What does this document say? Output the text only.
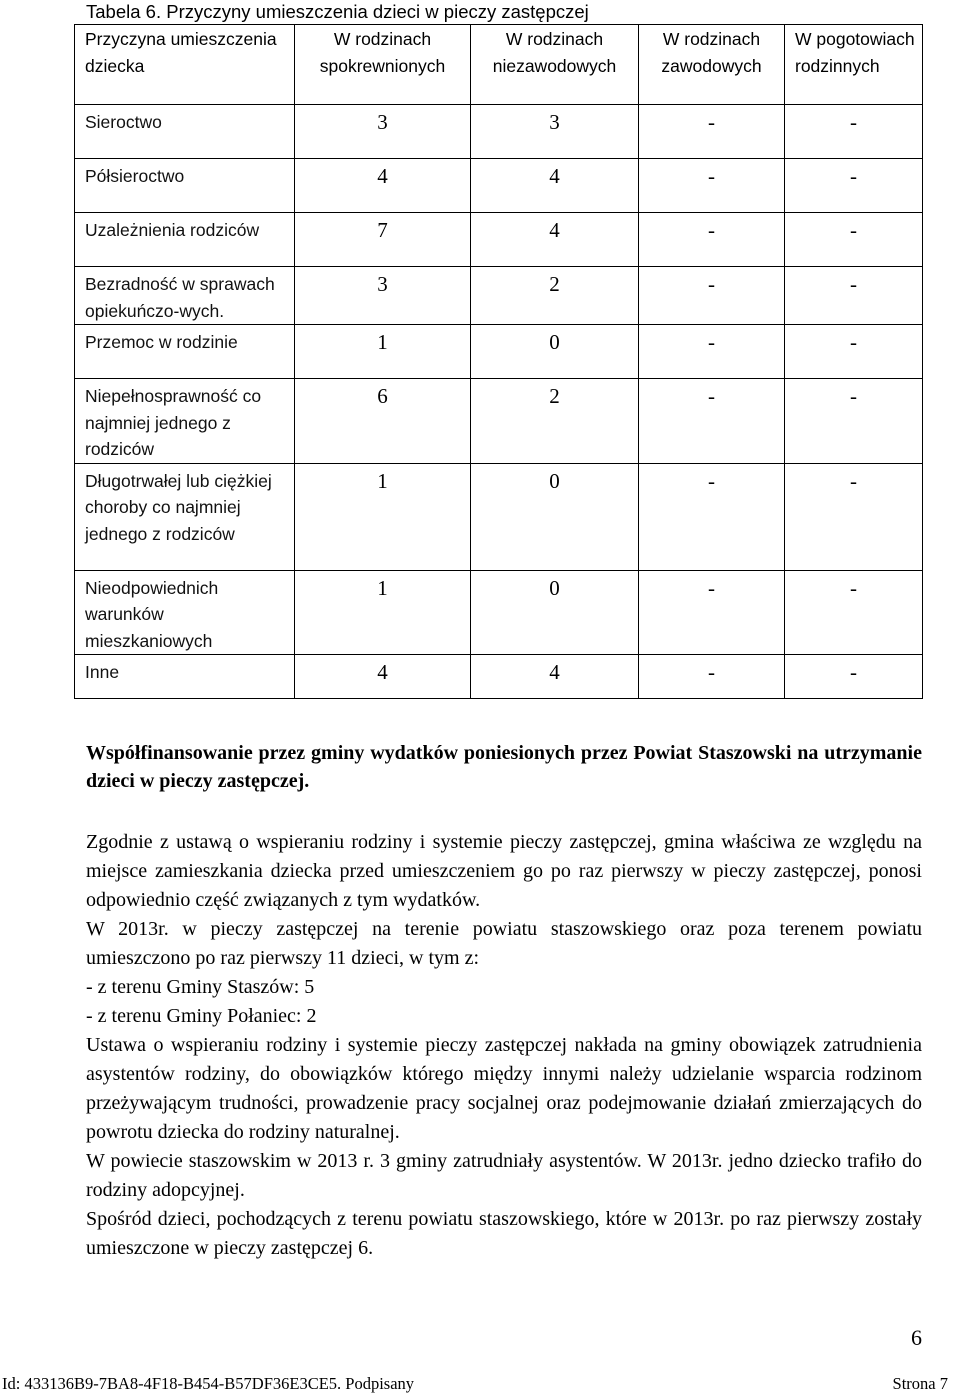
Tabela 6. Przyczyny umieszczenia dzieci w pieczy zastępczej
Przyczyna umieszczenia dziecka	W rodzinach spokrewnionych	W rodzinach niezawodowych	W rodzinach zawodowych	W pogotowiach rodzinnych
Sieroctwo	3	3	-	-
Półsieroctwo	4	4	-	-
Uzależnienia rodziców	7	4	-	-
Bezradność w sprawach opiekuńczo-wych.	3	2	-	-
Przemoc w rodzinie	1	0	-	-
Niepełnosprawność co najmniej jednego z rodziców	6	2	-	-
Długotrwałej lub ciężkiej choroby co najmniej jednego z rodziców	1	0	-	-
Nieodpowiednich warunków mieszkaniowych	1	0	-	-
Inne	4	4	-	-
Współfinansowanie przez gminy wydatków poniesionych przez Powiat Staszowski na utrzymanie dzieci w pieczy zastępczej.

Zgodnie z ustawą o wspieraniu rodziny i systemie pieczy zastępczej, gmina właściwa ze względu na miejsce zamieszkania dziecka przed umieszczeniem go po raz pierwszy w pieczy zastępczej, ponosi odpowiednio część związanych z tym wydatków.

W 2013r. w pieczy zastępczej na terenie powiatu staszowskiego oraz poza terenem powiatu umieszczono po raz pierwszy 11 dzieci, w tym z:

- z terenu Gminy Staszów: 5

- z terenu Gminy Połaniec: 2

Ustawa o wspieraniu rodziny i systemie pieczy zastępczej nakłada na gminy obowiązek zatrudnienia asystentów rodziny, do obowiązków którego między innymi należy udzielanie wsparcia rodzinom przeżywającym trudności, prowadzenie pracy socjalnej oraz podejmowanie działań zmierzających do powrotu dziecka do rodziny naturalnej.

W powiecie staszowskim w 2013 r. 3 gminy zatrudniały asystentów. W 2013r. jedno dziecko trafiło do rodziny adopcyjnej.

Spośród dzieci, pochodzących z terenu powiatu staszowskiego, które w 2013r. po raz pierwszy zostały umieszczone w pieczy zastępczej 6.

6
Id: 433136B9-7BA8-4F18-B454-B57DF36E3CE5. Podpisany	Strona 7
